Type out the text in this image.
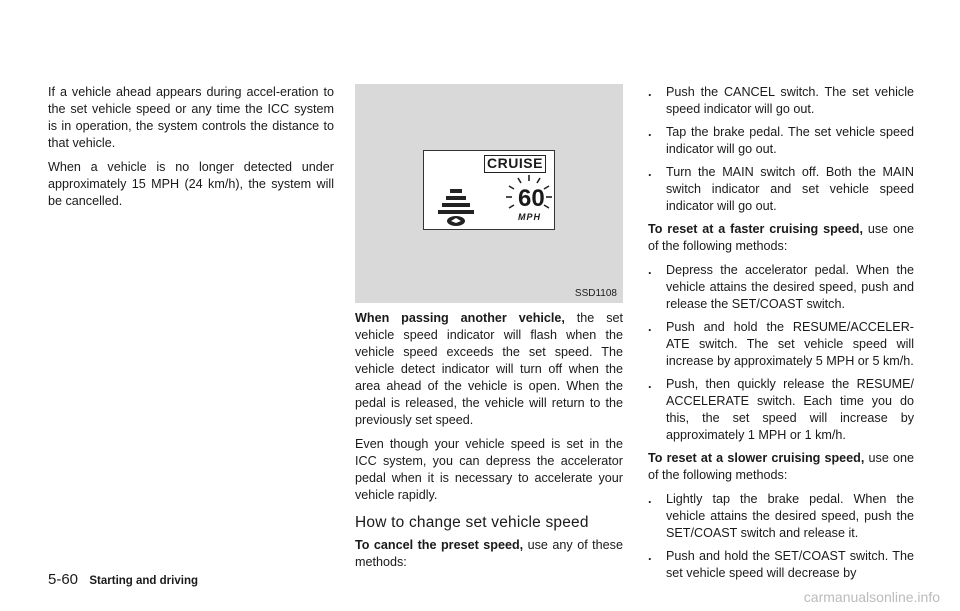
If a vehicle ahead appears during accel-eration to the set vehicle speed or any time the ICC system is in operation, the system controls the distance to that vehicle.

When a vehicle is no longer detected under approximately 15 MPH (24 km/h), the system will be cancelled.

CRUISE
60
MPH
SSD1108

When passing another vehicle, the set vehicle speed indicator will flash when the vehicle speed exceeds the set speed. The vehicle detect indicator will turn off when the area ahead of the vehicle is open. When the pedal is released, the vehicle will return to the previously set speed.

Even though your vehicle speed is set in the ICC system, you can depress the accelerator pedal when it is necessary to accelerate your vehicle rapidly.

How to change set vehicle speed

To cancel the preset speed, use any of these methods:

.	Push the CANCEL switch. The set vehicle speed indicator will go out.
.	Tap the brake pedal. The set vehicle speed indicator will go out.
.	Turn the MAIN switch off. Both the MAIN switch indicator and set vehicle speed indicator will go out.

To reset at a faster cruising speed, use one of the following methods:

.	Depress the accelerator pedal. When the vehicle attains the desired speed, push and release the SET/COAST switch.
.	Push and hold the RESUME/ACCELER-ATE switch. The set vehicle speed will increase by approximately 5 MPH or 5 km/h.
.	Push, then quickly release the RESUME/ ACCELERATE switch. Each time you do this, the set speed will increase by approximately 1 MPH or 1 km/h.

To reset at a slower cruising speed, use one of the following methods:

.	Lightly tap the brake pedal. When the vehicle attains the desired speed, push the SET/COAST switch and release it.
.	Push and hold the SET/COAST switch. The set vehicle speed will decrease by
5-60 Starting and driving
carmanualsonline.info
